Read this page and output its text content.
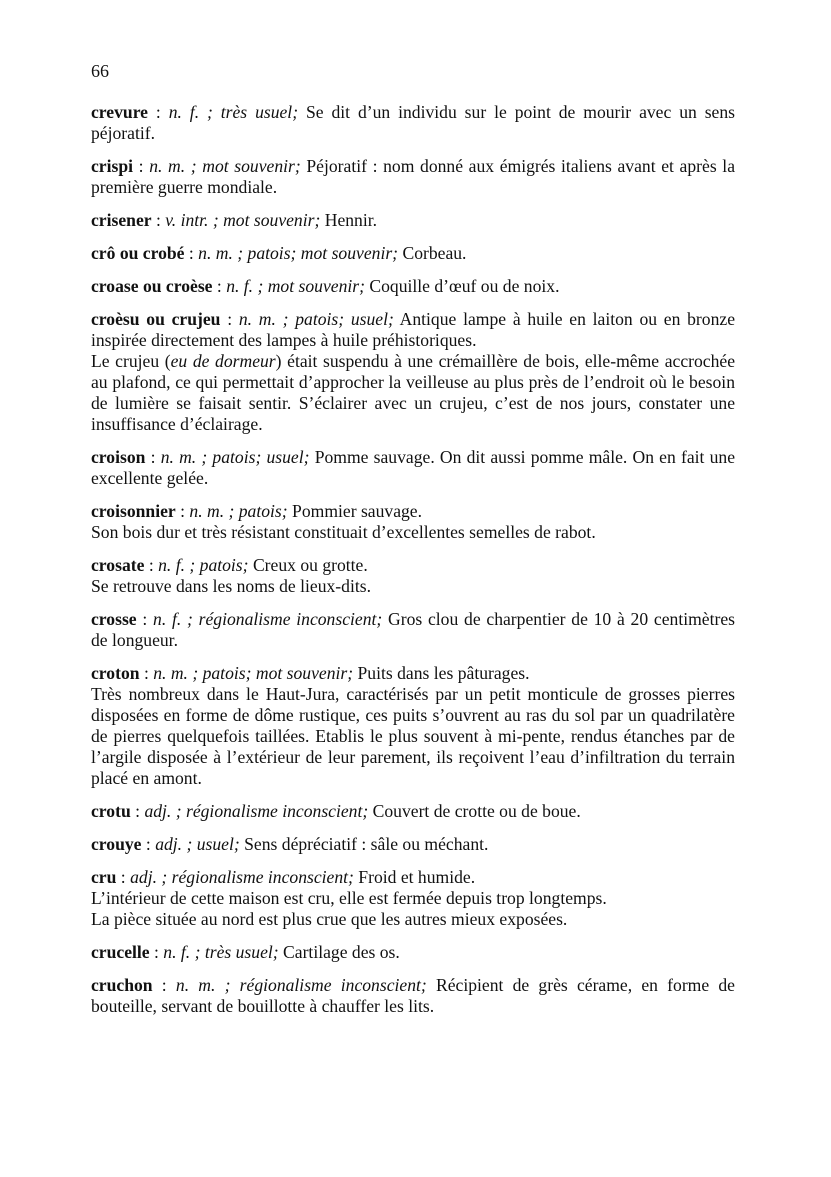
66

crevure : n. f. ; très usuel; Se dit d’un individu sur le point de mourir avec un sens péjoratif.

crispi : n. m. ; mot souvenir; Péjoratif : nom donné aux émigrés italiens avant et après la première guerre mondiale.

crisener : v. intr. ; mot souvenir; Hennir.

crô ou crobé : n. m. ; patois; mot souvenir; Corbeau.

croase ou croèse : n. f. ; mot souvenir; Coquille d’œuf ou de noix.

croèsu ou crujeu : n. m. ; patois; usuel; Antique lampe à huile en laiton ou en bronze inspirée directement des lampes à huile préhistoriques.

Le crujeu (eu de dormeur) était suspendu à une crémaillère de bois, elle-même accrochée au plafond, ce qui permettait d’approcher la veilleuse au plus près de l’endroit où le besoin de lumière se faisait sentir. S’éclairer avec un crujeu, c’est de nos jours, constater une insuffisance d’éclairage.

croison : n. m. ; patois; usuel; Pomme sauvage. On dit aussi pomme mâle. On en fait une excellente gelée.

croisonnier : n. m. ; patois; Pommier sauvage.

Son bois dur et très résistant constituait d’excellentes semelles de rabot.

crosate : n. f. ; patois; Creux ou grotte.

Se retrouve dans les noms de lieux-dits.

crosse : n. f. ; régionalisme inconscient; Gros clou de charpentier de 10 à 20 centimètres de longueur.

croton : n. m. ; patois; mot souvenir; Puits dans les pâturages.

Très nombreux dans le Haut-Jura, caractérisés par un petit monticule de grosses pierres disposées en forme de dôme rustique, ces puits s’ouvrent au ras du sol par un quadrilatère de pierres quelquefois taillées. Etablis le plus souvent à mi-pente, rendus étanches par de l’argile disposée à l’extérieur de leur parement, ils reçoivent l’eau d’infiltration du terrain placé en amont.

crotu : adj. ; régionalisme inconscient; Couvert de crotte ou de boue.

crouye : adj. ; usuel; Sens dépréciatif : sâle ou méchant.

cru : adj. ; régionalisme inconscient; Froid et humide.

L’intérieur de cette maison est cru, elle est fermée depuis trop longtemps.

La pièce située au nord est plus crue que les autres mieux exposées.

crucelle : n. f. ; très usuel; Cartilage des os.

cruchon : n. m. ; régionalisme inconscient; Récipient de grès cérame, en forme de bouteille, servant de bouillotte à chauffer les lits.
